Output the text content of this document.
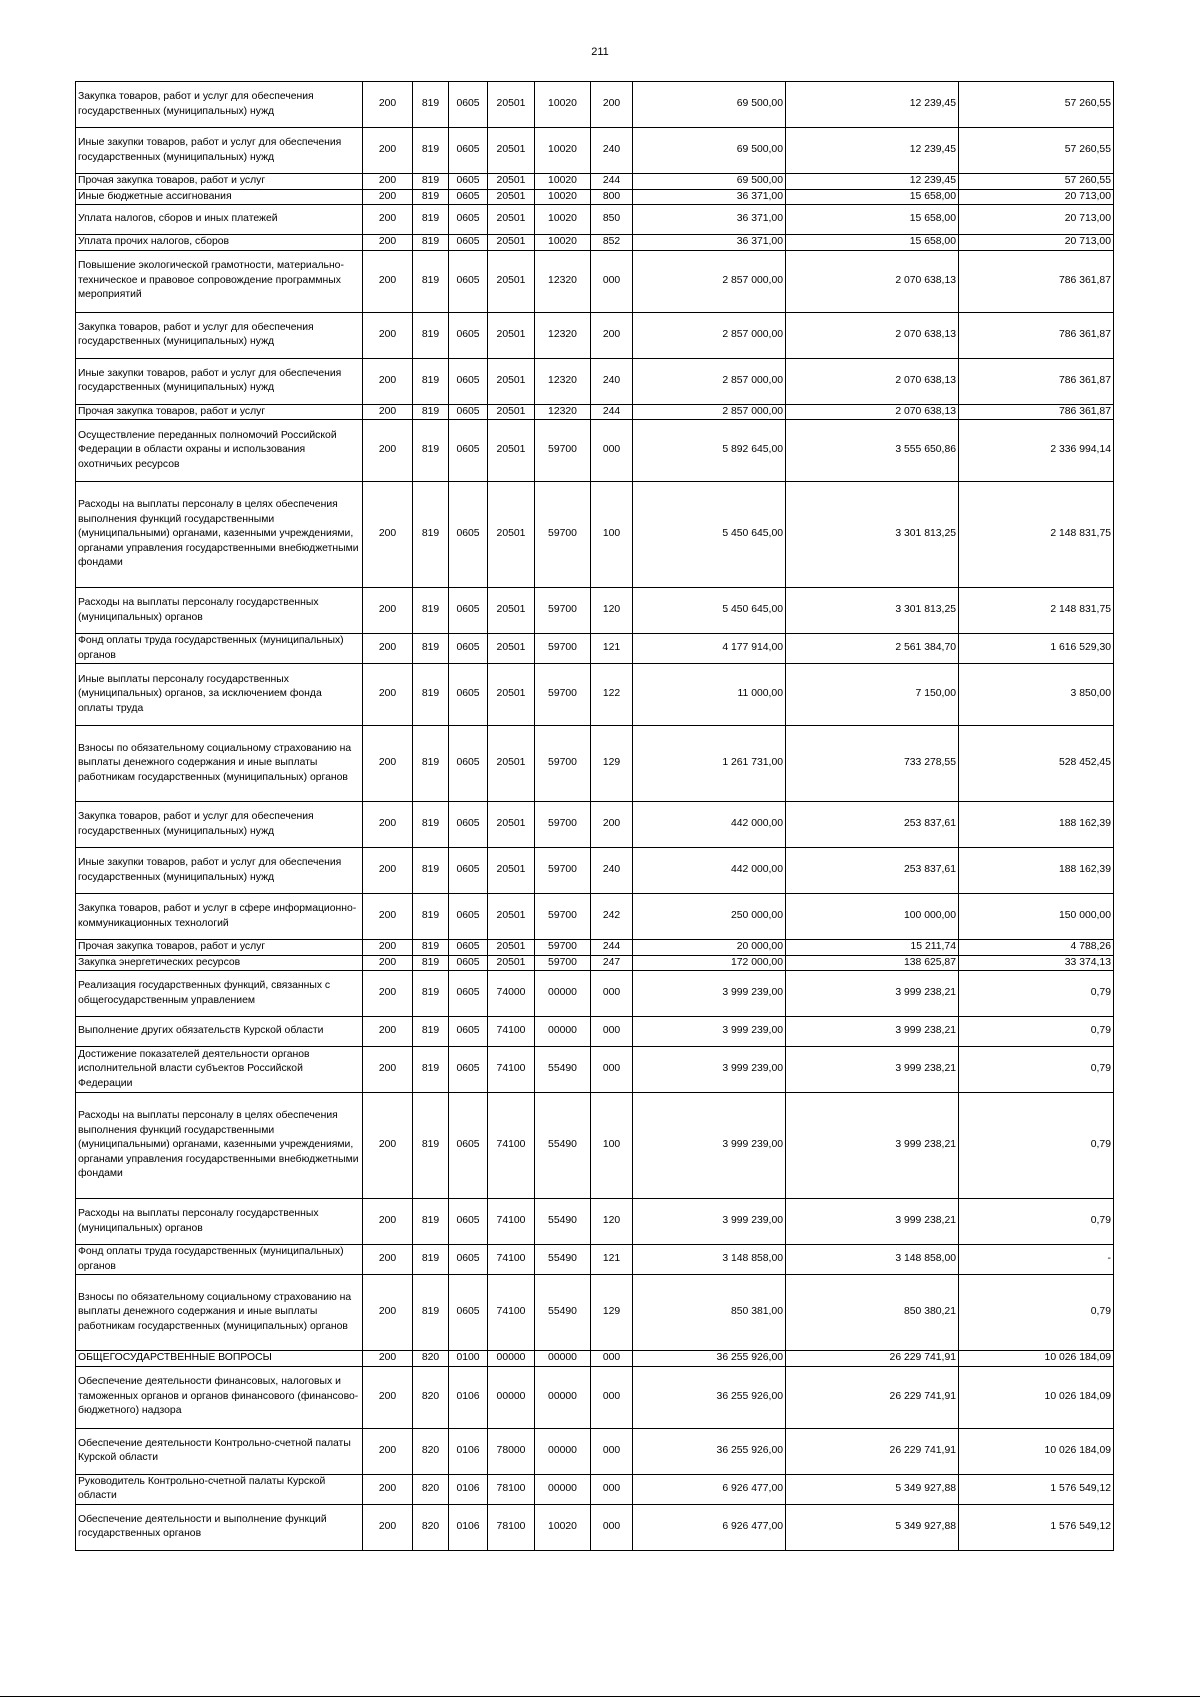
211
Закупка товаров, работ и услуг для обеспечения государственных (муниципальных) нужд	200	819	0605	20501	10020	200	69 500,00	12 239,45	57 260,55
Иные закупки товаров, работ и услуг для обеспечения государственных (муниципальных) нужд	200	819	0605	20501	10020	240	69 500,00	12 239,45	57 260,55
Прочая закупка товаров, работ и услуг	200	819	0605	20501	10020	244	69 500,00	12 239,45	57 260,55
Иные бюджетные ассигнования	200	819	0605	20501	10020	800	36 371,00	15 658,00	20 713,00
Уплата налогов, сборов и иных платежей	200	819	0605	20501	10020	850	36 371,00	15 658,00	20 713,00
Уплата прочих налогов, сборов	200	819	0605	20501	10020	852	36 371,00	15 658,00	20 713,00
Повышение экологической грамотности, материально-техническое и правовое сопровождение программных мероприятий	200	819	0605	20501	12320	000	2 857 000,00	2 070 638,13	786 361,87
Закупка товаров, работ и услуг для обеспечения государственных (муниципальных) нужд	200	819	0605	20501	12320	200	2 857 000,00	2 070 638,13	786 361,87
Иные закупки товаров, работ и услуг для обеспечения государственных (муниципальных) нужд	200	819	0605	20501	12320	240	2 857 000,00	2 070 638,13	786 361,87
Прочая закупка товаров, работ и услуг	200	819	0605	20501	12320	244	2 857 000,00	2 070 638,13	786 361,87
Осуществление переданных полномочий Российской Федерации в области охраны и использования охотничьих ресурсов	200	819	0605	20501	59700	000	5 892 645,00	3 555 650,86	2 336 994,14
Расходы на выплаты персоналу в целях обеспечения выполнения функций государственными (муниципальными) органами, казенными учреждениями, органами управления государственными внебюджетными фондами	200	819	0605	20501	59700	100	5 450 645,00	3 301 813,25	2 148 831,75
Расходы на выплаты персоналу государственных (муниципальных) органов	200	819	0605	20501	59700	120	5 450 645,00	3 301 813,25	2 148 831,75
Фонд оплаты труда государственных (муниципальных) органов	200	819	0605	20501	59700	121	4 177 914,00	2 561 384,70	1 616 529,30
Иные выплаты персоналу государственных (муниципальных) органов, за исключением фонда оплаты труда	200	819	0605	20501	59700	122	11 000,00	7 150,00	3 850,00
Взносы по обязательному социальному страхованию на выплаты денежного содержания и иные выплаты работникам государственных (муниципальных) органов	200	819	0605	20501	59700	129	1 261 731,00	733 278,55	528 452,45
Закупка товаров, работ и услуг для обеспечения государственных (муниципальных) нужд	200	819	0605	20501	59700	200	442 000,00	253 837,61	188 162,39
Иные закупки товаров, работ и услуг для обеспечения государственных (муниципальных) нужд	200	819	0605	20501	59700	240	442 000,00	253 837,61	188 162,39
Закупка товаров, работ и услуг в сфере информационно-коммуникационных технологий	200	819	0605	20501	59700	242	250 000,00	100 000,00	150 000,00
Прочая закупка товаров, работ и услуг	200	819	0605	20501	59700	244	20 000,00	15 211,74	4 788,26
Закупка энергетических ресурсов	200	819	0605	20501	59700	247	172 000,00	138 625,87	33 374,13
Реализация государственных функций, связанных с общегосударственным управлением	200	819	0605	74000	00000	000	3 999 239,00	3 999 238,21	0,79
Выполнение других обязательств Курской области	200	819	0605	74100	00000	000	3 999 239,00	3 999 238,21	0,79
Достижение показателей деятельности органов исполнительной власти субъектов Российской Федерации	200	819	0605	74100	55490	000	3 999 239,00	3 999 238,21	0,79
Расходы на выплаты персоналу в целях обеспечения выполнения функций государственными (муниципальными) органами, казенными учреждениями, органами управления государственными внебюджетными фондами	200	819	0605	74100	55490	100	3 999 239,00	3 999 238,21	0,79
Расходы на выплаты персоналу государственных (муниципальных) органов	200	819	0605	74100	55490	120	3 999 239,00	3 999 238,21	0,79
Фонд оплаты труда государственных (муниципальных) органов	200	819	0605	74100	55490	121	3 148 858,00	3 148 858,00	-
Взносы по обязательному социальному страхованию на выплаты денежного содержания и иные выплаты работникам государственных (муниципальных) органов	200	819	0605	74100	55490	129	850 381,00	850 380,21	0,79
ОБЩЕГОСУДАРСТВЕННЫЕ ВОПРОСЫ	200	820	0100	00000	00000	000	36 255 926,00	26 229 741,91	10 026 184,09
Обеспечение деятельности финансовых, налоговых и таможенных органов и органов финансового (финансово-бюджетного) надзора	200	820	0106	00000	00000	000	36 255 926,00	26 229 741,91	10 026 184,09
Обеспечение деятельности Контрольно-счетной палаты Курской области	200	820	0106	78000	00000	000	36 255 926,00	26 229 741,91	10 026 184,09
Руководитель Контрольно-счетной палаты Курской области	200	820	0106	78100	00000	000	6 926 477,00	5 349 927,88	1 576 549,12
Обеспечение деятельности и выполнение функций государственных органов	200	820	0106	78100	10020	000	6 926 477,00	5 349 927,88	1 576 549,12
